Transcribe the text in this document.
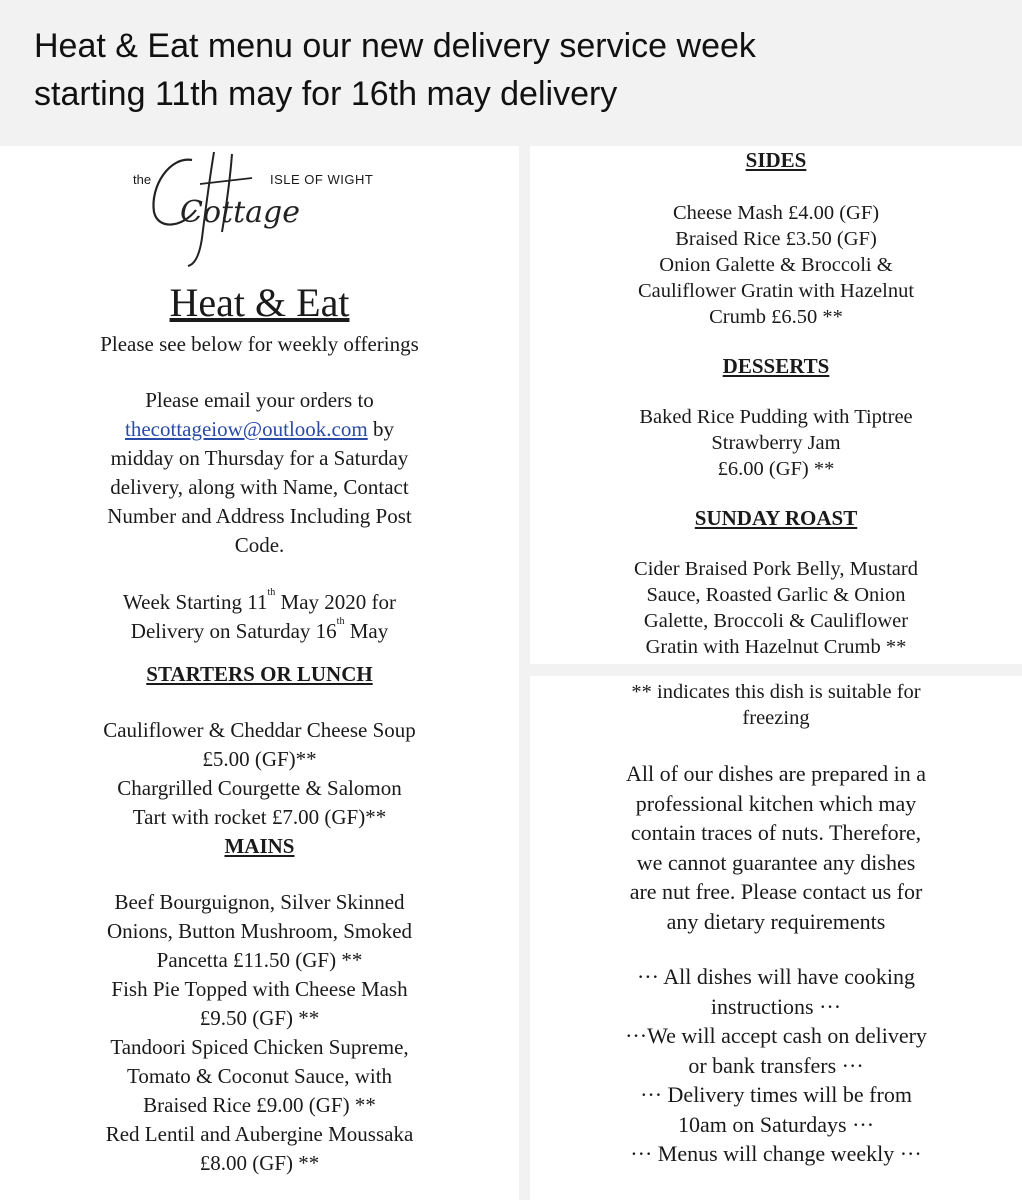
Heat & Eat menu our new delivery service week
starting 11th may for 16th may delivery
the
Cottage
ISLE OF WIGHT
Heat & Eat
Please see below for weekly offerings
Please email your orders to
thecottageiow@outlook.com by
midday on Thursday for a Saturday
delivery, along with Name, Contact
Number and Address Including Post
Code.
Week Starting 11th May 2020 for
Delivery on Saturday 16th May
STARTERS OR LUNCH
Cauliflower & Cheddar Cheese Soup
£5.00 (GF)**
Chargrilled Courgette & Salomon
Tart with rocket £7.00 (GF)**
MAINS
Beef Bourguignon, Silver Skinned
Onions, Button Mushroom, Smoked
Pancetta £11.50 (GF) **
Fish Pie Topped with Cheese Mash
£9.50 (GF) **
Tandoori Spiced Chicken Supreme,
Tomato & Coconut Sauce, with
Braised Rice £9.00 (GF) **
Red Lentil and Aubergine Moussaka
£8.00 (GF) **
SIDES
Cheese Mash £4.00 (GF)
Braised Rice £3.50 (GF)
Onion Galette & Broccoli &
Cauliflower Gratin with Hazelnut
Crumb £6.50 **
DESSERTS
Baked Rice Pudding with Tiptree
Strawberry Jam
£6.00 (GF) **
SUNDAY ROAST
Cider Braised Pork Belly, Mustard
Sauce, Roasted Garlic & Onion
Galette, Broccoli & Cauliflower
Gratin with Hazelnut Crumb **
** indicates this dish is suitable for
freezing
All of our dishes are prepared in a
professional kitchen which may
contain traces of nuts. Therefore,
we cannot guarantee any dishes
are nut free. Please contact us for
any dietary requirements
··· All dishes will have cooking
instructions ···
···We will accept cash on delivery
or bank transfers ···
··· Delivery times will be from
10am on Saturdays ···
··· Menus will change weekly ···
